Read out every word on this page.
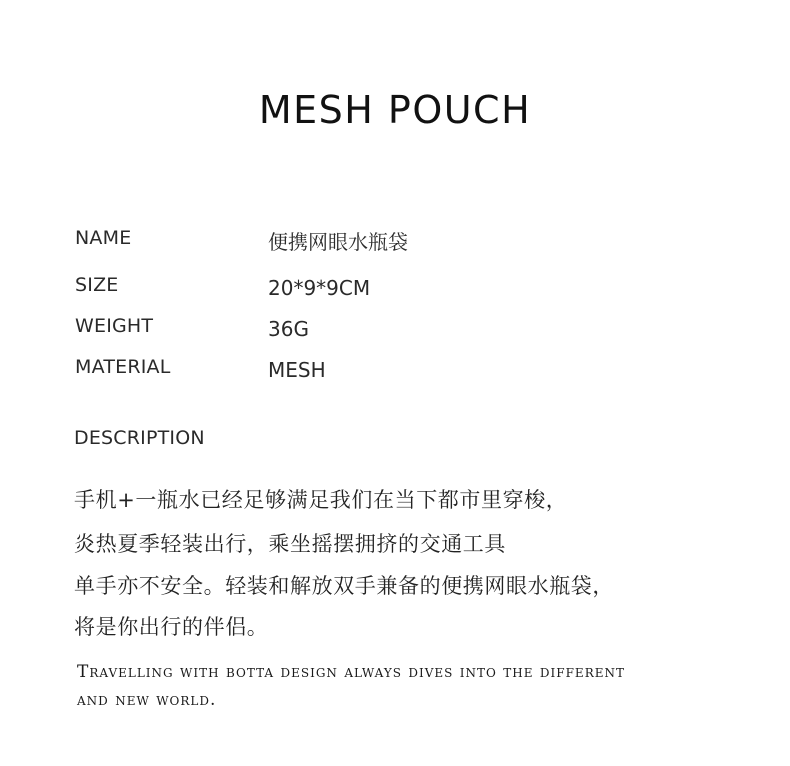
MESH POUCH
NAME	便携网眼水瓶袋
SIZE	20*9*9CM
WEIGHT	36G
MATERIAL	MESH
DESCRIPTION
手机+一瓶水已经足够满足我们在当下都市里穿梭，
炎热夏季轻装出行，乘坐摇摆拥挤的交通工具
单手亦不安全。轻装和解放双手兼备的便携网眼水瓶袋，
将是你出行的伴侣。
Travelling with botta design always dives into the different
and new world.
